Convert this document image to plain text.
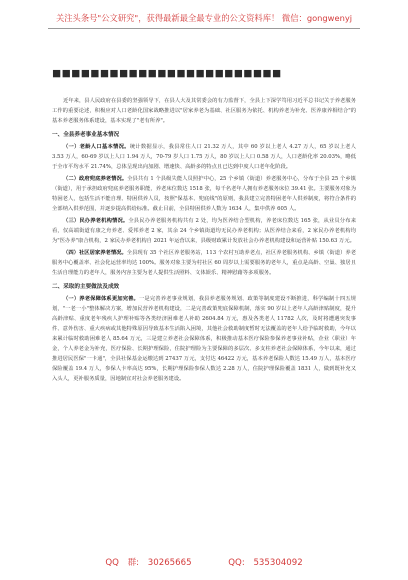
关注头条号"公文研究"，获得最新最全最专业的公文资料库！ 微信：gongwenyj
■■■■■■■■■■■■■■■■■■■■■■■■

近年来，县人民政府在县委的坚强领导下，在县人大及其常委会的有力监督下，全县上下深学笃用习近平总书记关于养老服务工作的重要论述，积极应对人口老龄化国家战略推进以"居家养老为基础、社区服务为依托、机构养老为补充、医养康养相结合"的基本养老服务体系建设，基本实现了"老有所养"。

一、全县养老事业基本情况

（一）老龄人口基本情况。统计数据显示，我县常住人口 21.32 万人，其中 60 岁以上老人 4.27 万人，65 岁以上老人 3.53 万人，60-69 岁以上人口 1.94 万人，70-79 岁人口 1.75 万人，80 岁以上人口 0.58 万人，人口老龄化率 20.03%，略低于全市平均水平 21.74%，总体呈现出向加剧、增速快、高龄多的特点且已达到中度人口老年化阶段。

（二）政府兜底养老情况。全县共有 1 个县级失能人员照护中心，25 个乡镇（街道）养老服务中心，分布于全县 25 个乡镇（街道），用于承担政府兜底养老服务职能，养老床位数达 1518 张，每千名老年人拥有养老服务床位 39.41 张。主要服务对象为特困老人，包括生活不能自理、特困供养人员，按照"保基本、兜底线"的原则，我县建立完善特困老年人供养制度，将符合条件的全部纳入供养范围，并逐步提高供给标准。截止目前，全县特困供养人数为 1634 人，集中供养 605 人。

（三）民办养老机构情况。全县民办养老服务机构共有 2 处，均为医养结合型机构，养老床位数达 165 张，从业员分布来看，仅高端街道有康之舟养老、爱邦养老 2 家，其余 24 个乡镇街道均无民办养老机构；从医养结合来看，2 家民办养老机构均为"医办养"康合机构，2 家民办养老机构自 2021 年运营以来，县级财政累计发放社会办养老机构建设和运营补贴 150.63 万元。

（四）社区居家养老情况。全县现有 35 个社区养老服务站，113 个农村互助养老点，社区养老服务机构、乡镇（街道）养老服务中心覆盖率、社会化运营率均达 100%。服务对象主要为村社区 60 周岁以上需要服务的老年人，重点是高龄、空巢、独居且生活自理能力的老年人，服务内容主要为老人提供生活照料、文体娱乐、精神慰藉等多项服务。

二、采取的主要做法及成效

（一）养老保障体系更加完善。一是完善养老事业规划，我县养老服务规划、政策等制度建设不断推进，科学编制十四五规划，"一老一小"整体解决方案，增加民营养老机构建设，二是完善政策兜底保障机制，落实 90 岁以上老年人高龄津贴制度，提升高龄津贴、重度老年残疾人护理补贴等各类经济困难老人补助 2604.84 万元，惠及各类老人 11782 人次，及时将遭遇突发事件、意外伤害、重大疾病或其他特殊原因导致基本生活陷入困境，其他社会救助制度暂时无法覆盖的老年人给予临时救助，今年以来累计临时救助困难老人 85.64 万元，三是建立养老社会保障体系，积极推动基本医疗保险参保养老事业补贴，企业（职业）年金，个人养老金为补充，医疗保险、长期护理保险，住院护理险为主要保障的多层次、多支柱养老社会保障体系，今年以来，通过推进居民医保"一卡通"，全县社保基金运缴达到 27437 万元，支付达 46422 万元，基本养老保险人数达 15.49 万人，基本医疗保险覆盖 19.4 万人，参保人卡率高达 95%，长期护理保险参保人数达 2.28 万人，住院护理保险覆盖 1831 人，做到既补充又入头人，更补服务质量，因地制宜对社会养老服务建设。

QQ 群: 30265665	QQ: 535304092
